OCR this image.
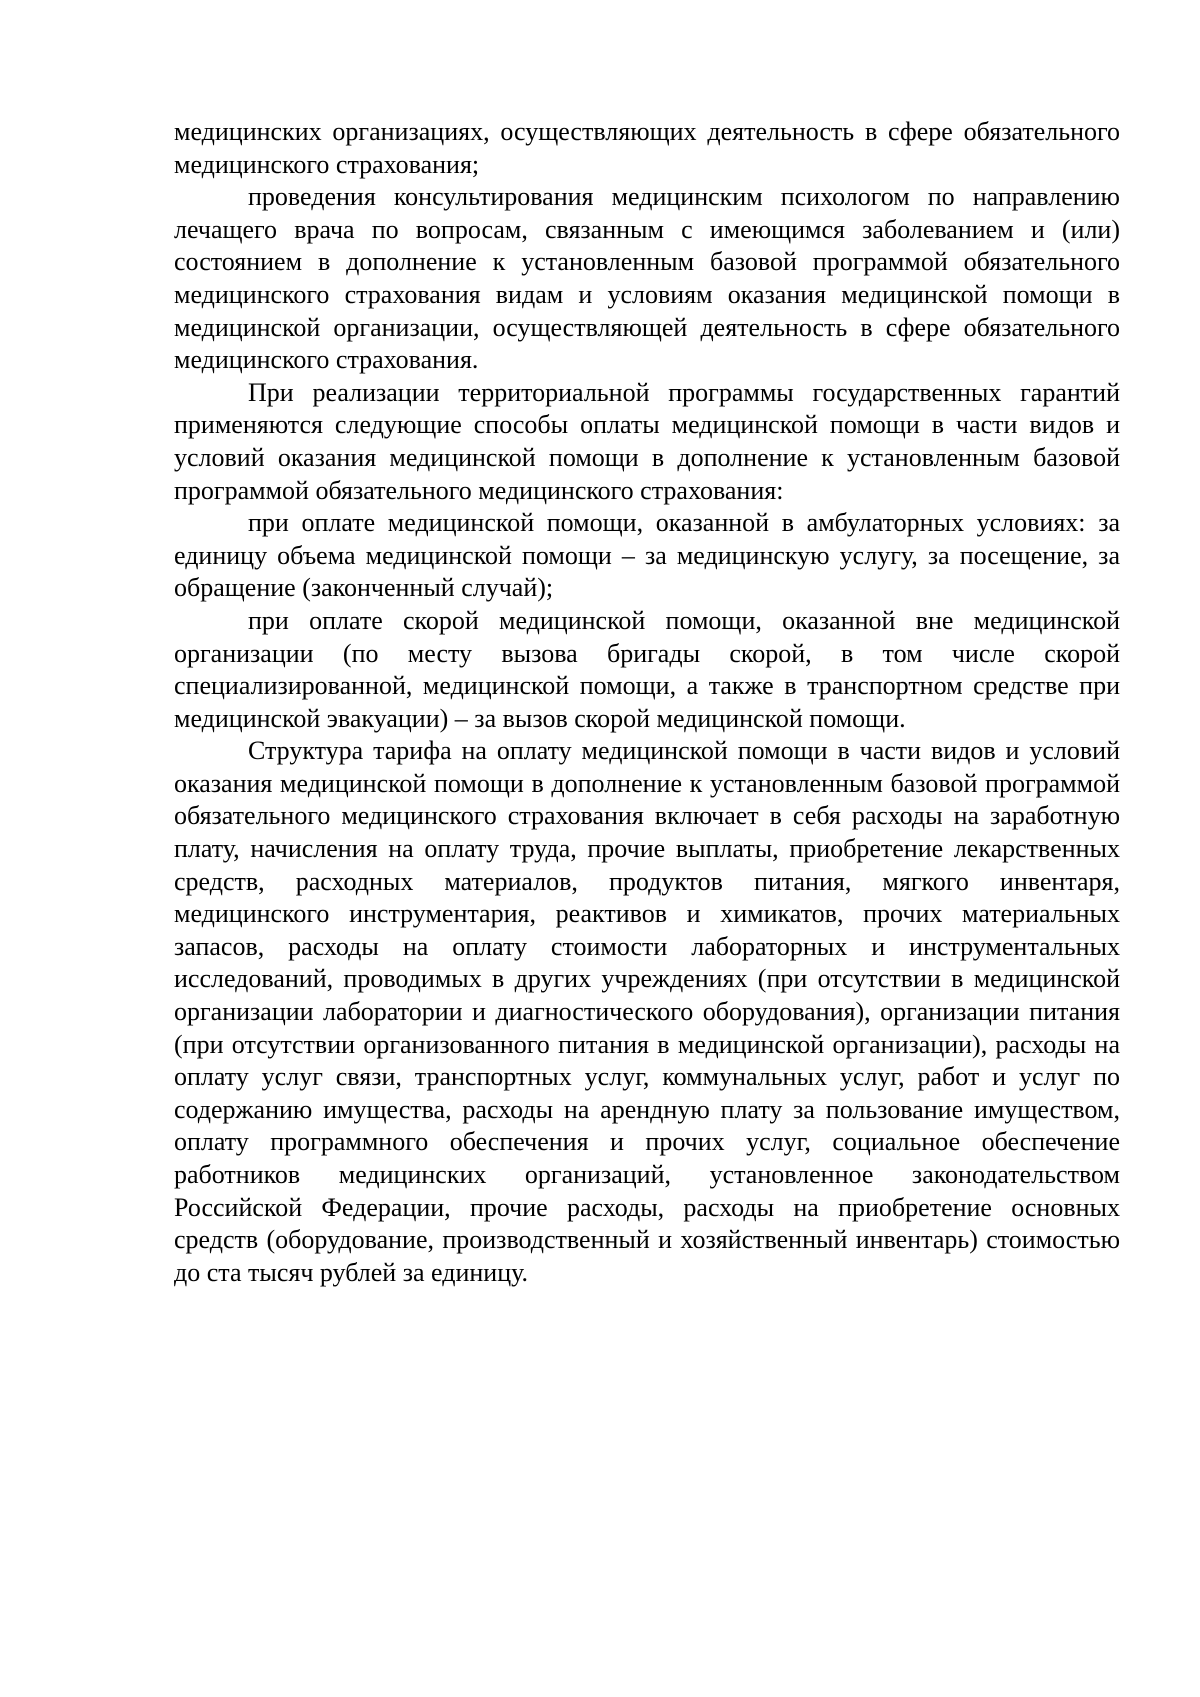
медицинских организациях, осуществляющих деятельность в сфере обязательного медицинского страхования;

проведения консультирования медицинским психологом по направлению лечащего врача по вопросам, связанным с имеющимся заболеванием и (или) состоянием в дополнение к установленным базовой программой обязательного медицинского страхования видам и условиям оказания медицинской помощи в медицинской организации, осуществляющей деятельность в сфере обязательного медицинского страхования.

При реализации территориальной программы государственных гарантий применяются следующие способы оплаты медицинской помощи в части видов и условий оказания медицинской помощи в дополнение к установленным базовой программой обязательного медицинского страхования:

при оплате медицинской помощи, оказанной в амбулаторных условиях: за единицу объема медицинской помощи – за медицинскую услугу, за посещение, за обращение (законченный случай);

при оплате скорой медицинской помощи, оказанной вне медицинской организации (по месту вызова бригады скорой, в том числе скорой специализированной, медицинской помощи, а также в транспортном средстве при медицинской эвакуации) – за вызов скорой медицинской помощи.

Структура тарифа на оплату медицинской помощи в части видов и условий оказания медицинской помощи в дополнение к установленным базовой программой обязательного медицинского страхования включает в себя расходы на заработную плату, начисления на оплату труда, прочие выплаты, приобретение лекарственных средств, расходных материалов, продуктов питания, мягкого инвентаря, медицинского инструментария, реактивов и химикатов, прочих материальных запасов, расходы на оплату стоимости лабораторных и инструментальных исследований, проводимых в других учреждениях (при отсутствии в медицинской организации лаборатории и диагностического оборудования), организации питания (при отсутствии организованного питания в медицинской организации), расходы на оплату услуг связи, транспортных услуг, коммунальных услуг, работ и услуг по содержанию имущества, расходы на арендную плату за пользование имуществом, оплату программного обеспечения и прочих услуг, социальное обеспечение работников медицинских организаций, установленное законодательством Российской Федерации, прочие расходы, расходы на приобретение основных средств (оборудование, производственный и хозяйственный инвентарь) стоимостью до ста тысяч рублей за единицу.
